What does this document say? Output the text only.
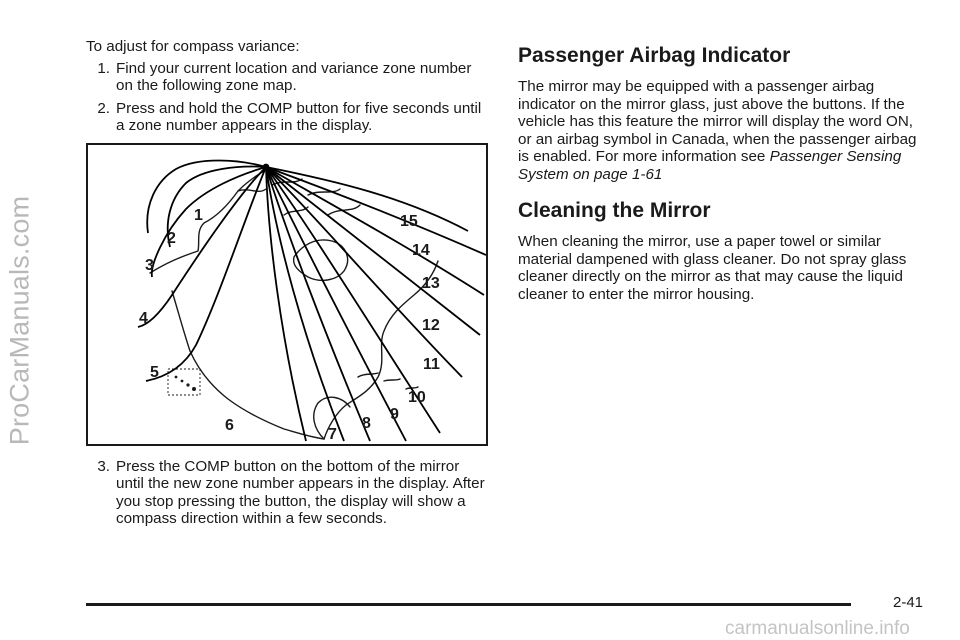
ProCarManuals.com

To adjust for compass variance:

1. Find your current location and variance zone number on the following zone map.
2. Press and hold the COMP button for five seconds until a zone number appears in the display.
1
2
3
4
5
6
7
8
9
10
11
12
13
14
15
3. Press the COMP button on the bottom of the mirror until the new zone number appears in the display. After you stop pressing the button, the display will show a compass direction within a few seconds.
Passenger Airbag Indicator

The mirror may be equipped with a passenger airbag indicator on the mirror glass, just above the buttons. If the vehicle has this feature the mirror will display the word ON, or an airbag symbol in Canada, when the passenger airbag is enabled. For more information see Passenger Sensing System on page 1-61

Cleaning the Mirror

When cleaning the mirror, use a paper towel or similar material dampened with glass cleaner. Do not spray glass cleaner directly on the mirror as that may cause the liquid cleaner to enter the mirror housing.

2-41
carmanualsonline.info
